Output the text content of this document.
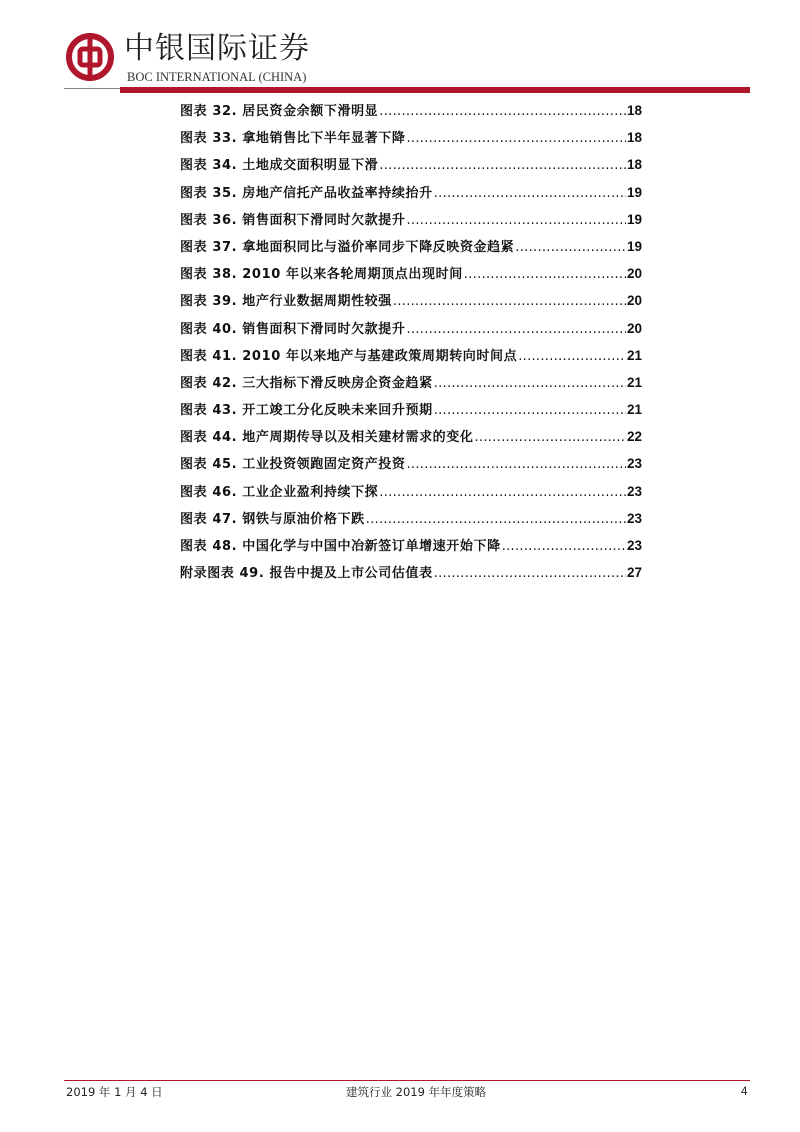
中银国际证券
BOC INTERNATIONAL (CHINA)
图表 32. 居民资金余额下滑明显 .....	18
图表 33. 拿地销售比下半年显著下降 .....	18
图表 34. 土地成交面积明显下滑 .....	18
图表 35. 房地产信托产品收益率持续抬升 .....	19
图表 36. 销售面积下滑同时欠款提升 .....	19
图表 37. 拿地面积同比与溢价率同步下降反映资金趋紧 .....	19
图表 38. 2010 年以来各轮周期顶点出现时间 .....	20
图表 39. 地产行业数据周期性较强 .....	20
图表 40. 销售面积下滑同时欠款提升 .....	20
图表 41. 2010 年以来地产与基建政策周期转向时间点 .....	21
图表 42. 三大指标下滑反映房企资金趋紧 .....	21
图表 43. 开工竣工分化反映未来回升预期 .....	21
图表 44. 地产周期传导以及相关建材需求的变化 .....	22
图表 45. 工业投资领跑固定资产投资 .....	23
图表 46. 工业企业盈利持续下探 .....	23
图表 47. 钢铁与原油价格下跌 .....	23
图表 48. 中国化学与中国中冶新签订单增速开始下降 .....	23
附录图表 49. 报告中提及上市公司估值表 .....	27
2019 年 1 月 4 日	建筑行业 2019 年年度策略	4
